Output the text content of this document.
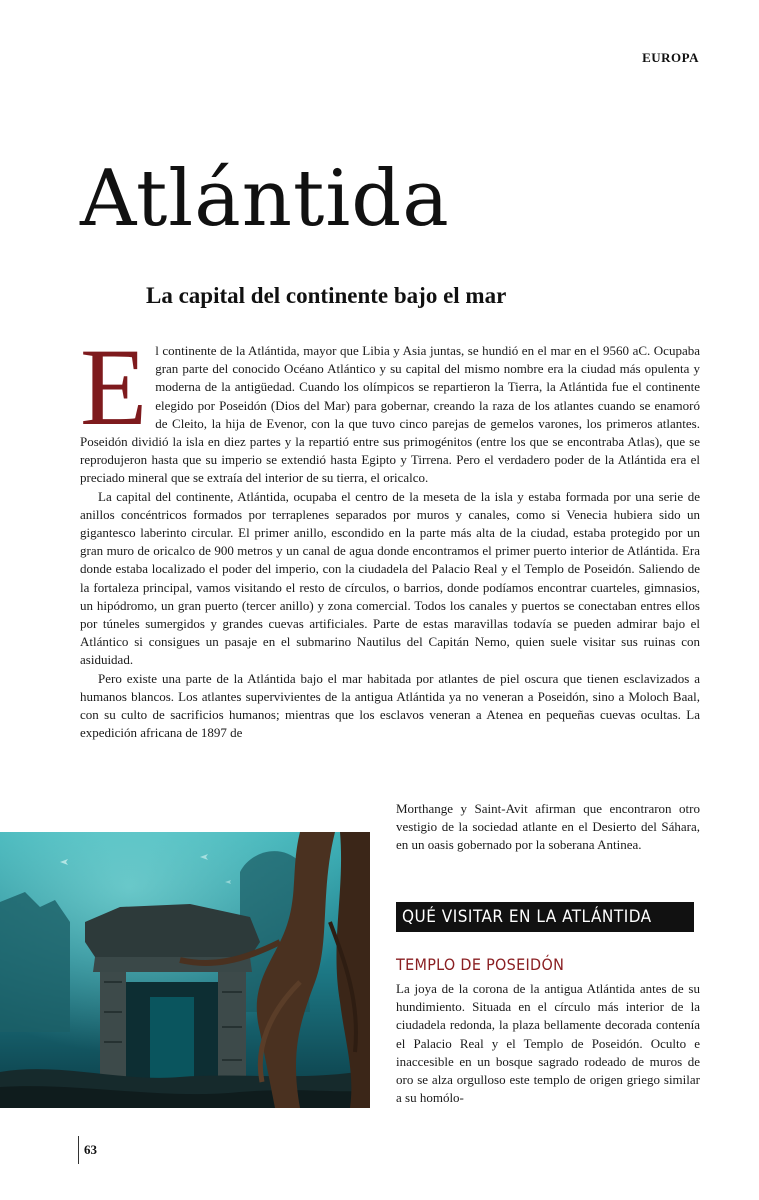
EUROPA
Atlántida
La capital del continente bajo el mar

El continente de la Atlántida, mayor que Libia y Asia juntas, se hundió en el mar en el 9560 aC. Ocupaba gran parte del conocido Océano Atlántico y su capital del mismo nombre era la ciudad más opulenta y moderna de la antigüedad. Cuando los olímpicos se repartieron la Tierra, la Atlántida fue el continente elegido por Poseidón (Dios del Mar) para gobernar, creando la raza de los atlantes cuando se enamoró de Cleito, la hija de Evenor, con la que tuvo cinco parejas de gemelos varones, los primeros atlantes. Poseidón dividió la isla en diez partes y la repartió entre sus primogénitos (entre los que se encontraba Atlas), que se reprodujeron hasta que su imperio se extendió hasta Egipto y Tirrena. Pero el verdadero poder de la Atlántida era el preciado mineral que se extraía del interior de su tierra, el oricalco.

La capital del continente, Atlántida, ocupaba el centro de la meseta de la isla y estaba formada por una serie de anillos concéntricos formados por terraplenes separados por muros y canales, como si Venecia hubiera sido un gigantesco laberinto circular. El primer anillo, escondido en la parte más alta de la ciudad, estaba protegido por un gran muro de oricalco de 900 metros y un canal de agua donde encontramos el primer puerto interior de Atlántida. Era donde estaba localizado el poder del imperio, con la ciudadela del Palacio Real y el Templo de Poseidón. Saliendo de la fortaleza principal, vamos visitando el resto de círculos, o barrios, donde podíamos encontrar cuarteles, gimnasios, un hipódromo, un gran puerto (tercer anillo) y zona comercial. Todos los canales y puertos se conectaban entres ellos por túneles sumergidos y grandes cuevas artificiales. Parte de estas maravillas todavía se pueden admirar bajo el Atlántico si consigues un pasaje en el submarino Nautilus del Capitán Nemo, quien suele visitar sus ruinas con asiduidad.

Pero existe una parte de la Atlántida bajo el mar habitada por atlantes de piel oscura que tienen esclavizados a humanos blancos. Los atlantes supervivientes de la antigua Atlántida ya no veneran a Poseidón, sino a Moloch Baal, con su culto de sacrificios humanos; mientras que los esclavos veneran a Atenea en pequeñas cuevas ocultas. La expedición africana de 1897 de

Morthange y Saint-Avit afirman que encontraron otro vestigio de la sociedad atlante en el Desierto del Sáhara, en un oasis gobernado por la soberana Antinea.

QUÉ VISITAR EN LA ATLÁNTIDA
TEMPLO DE POSEIDÓN

La joya de la corona de la antigua Atlántida antes de su hundimiento. Situada en el círculo más interior de la ciudadela redonda, la plaza bellamente decorada contenía el Palacio Real y el Templo de Poseidón. Oculto e inaccesible en un bosque sagrado rodeado de muros de oro se alza orgulloso este templo de origen griego similar a su homólo-

63
